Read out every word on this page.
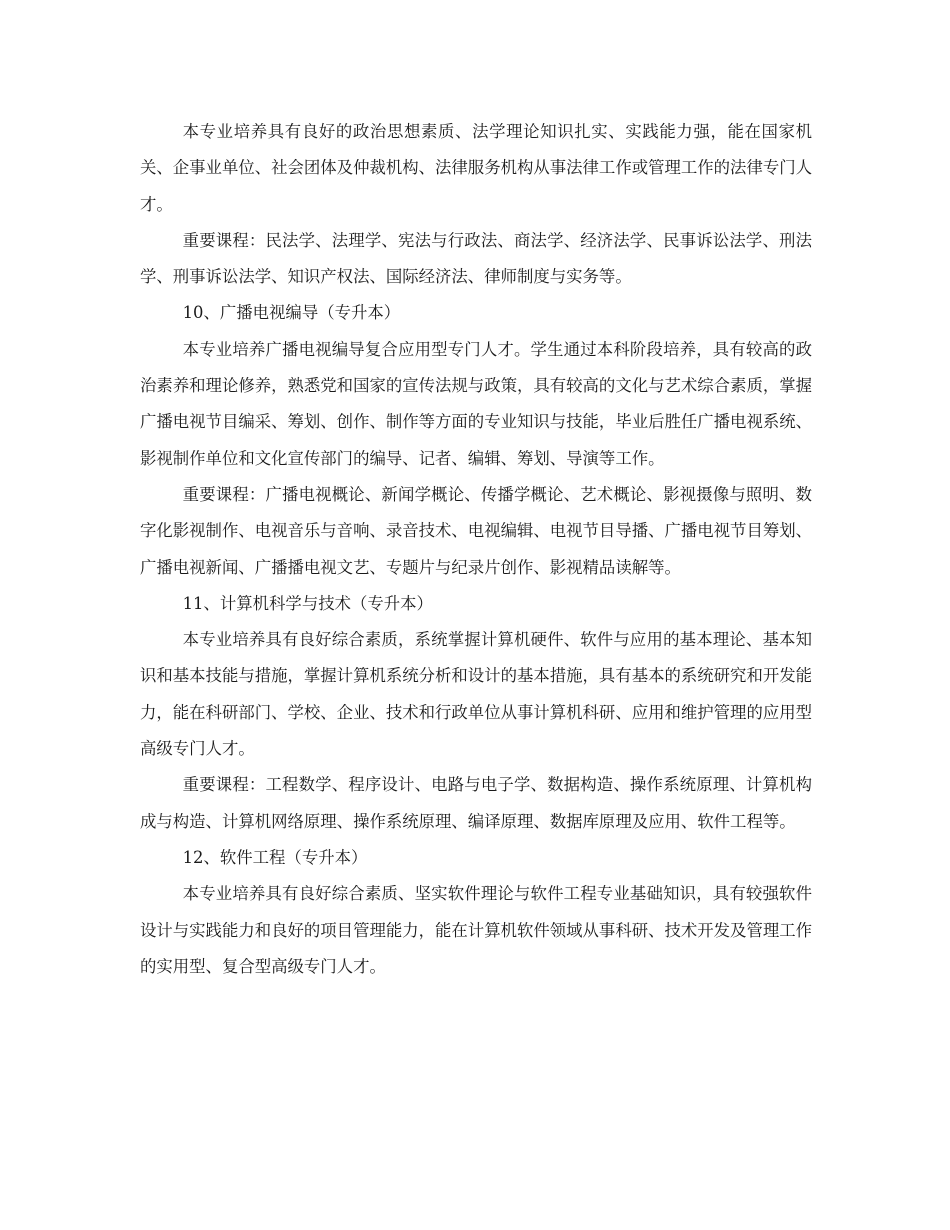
本专业培养具有良好的政治思想素质、法学理论知识扎实、实践能力强，能在国家机关、企事业单位、社会团体及仲裁机构、法律服务机构从事法律工作或管理工作的法律专门人才。

重要课程：民法学、法理学、宪法与行政法、商法学、经济法学、民事诉讼法学、刑法学、刑事诉讼法学、知识产权法、国际经济法、律师制度与实务等。

10、广播电视编导（专升本）

本专业培养广播电视编导复合应用型专门人才。学生通过本科阶段培养，具有较高的政治素养和理论修养，熟悉党和国家的宣传法规与政策，具有较高的文化与艺术综合素质，掌握广播电视节目编采、筹划、创作、制作等方面的专业知识与技能，毕业后胜任广播电视系统、影视制作单位和文化宣传部门的编导、记者、编辑、筹划、导演等工作。

重要课程：广播电视概论、新闻学概论、传播学概论、艺术概论、影视摄像与照明、数字化影视制作、电视音乐与音响、录音技术、电视编辑、电视节目导播、广播电视节目筹划、广播电视新闻、广播播电视文艺、专题片与纪录片创作、影视精品读解等。

11、计算机科学与技术（专升本）

本专业培养具有良好综合素质，系统掌握计算机硬件、软件与应用的基本理论、基本知识和基本技能与措施，掌握计算机系统分析和设计的基本措施，具有基本的系统研究和开发能力，能在科研部门、学校、企业、技术和行政单位从事计算机科研、应用和维护管理的应用型高级专门人才。

重要课程：工程数学、程序设计、电路与电子学、数据构造、操作系统原理、计算机构成与构造、计算机网络原理、操作系统原理、编译原理、数据库原理及应用、软件工程等。

12、软件工程（专升本）

本专业培养具有良好综合素质、坚实软件理论与软件工程专业基础知识，具有较强软件设计与实践能力和良好的项目管理能力，能在计算机软件领域从事科研、技术开发及管理工作的实用型、复合型高级专门人才。
